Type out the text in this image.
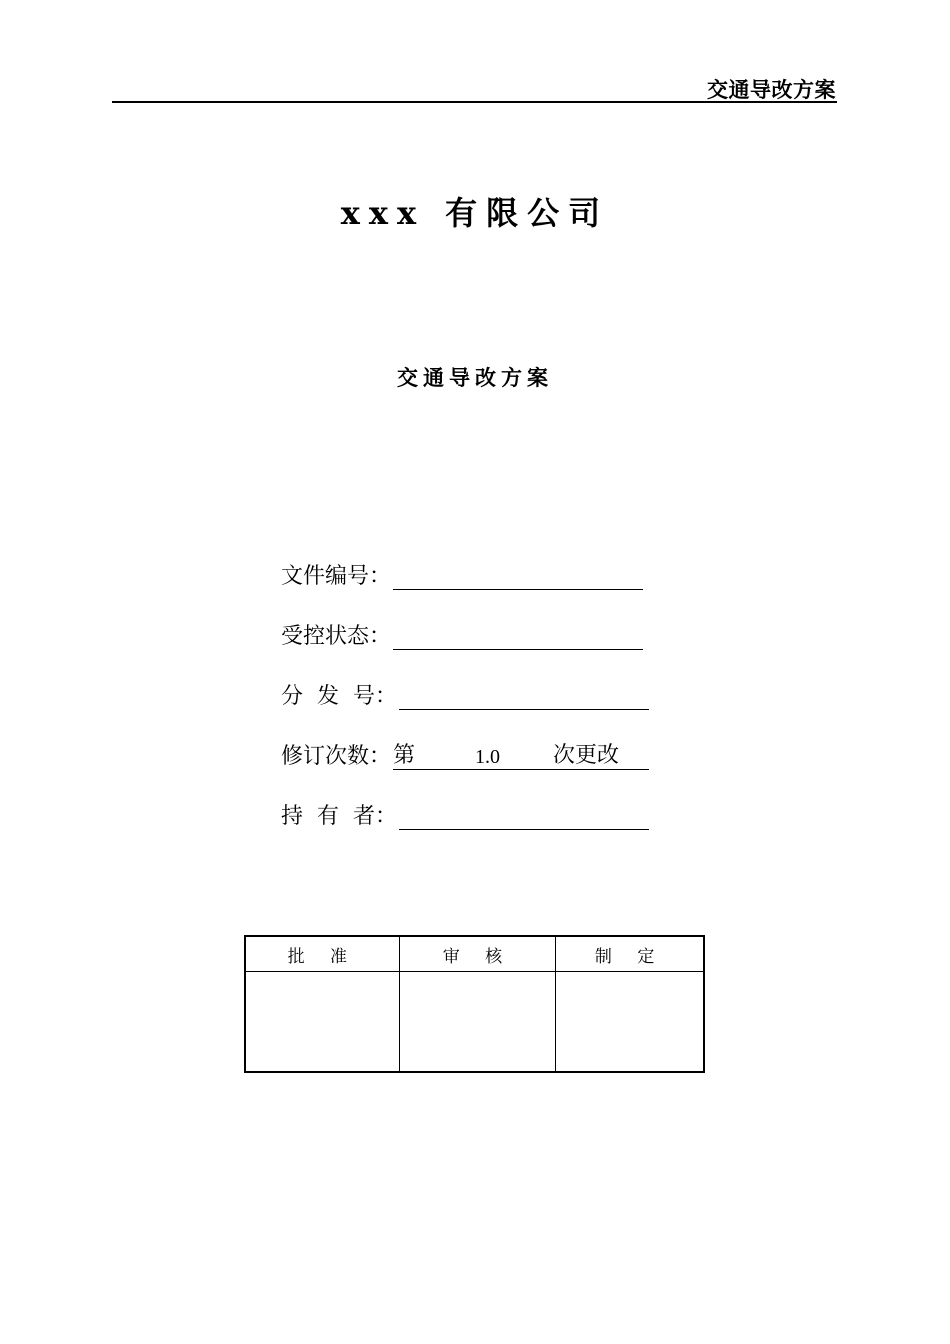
交通导改方案
xxx 有限公司
交通导改方案
文件编号：
受控状态：
分  发  号：
修订次数： 第	1.0	次更改
持  有  者：
批 准	审 核	制 定
